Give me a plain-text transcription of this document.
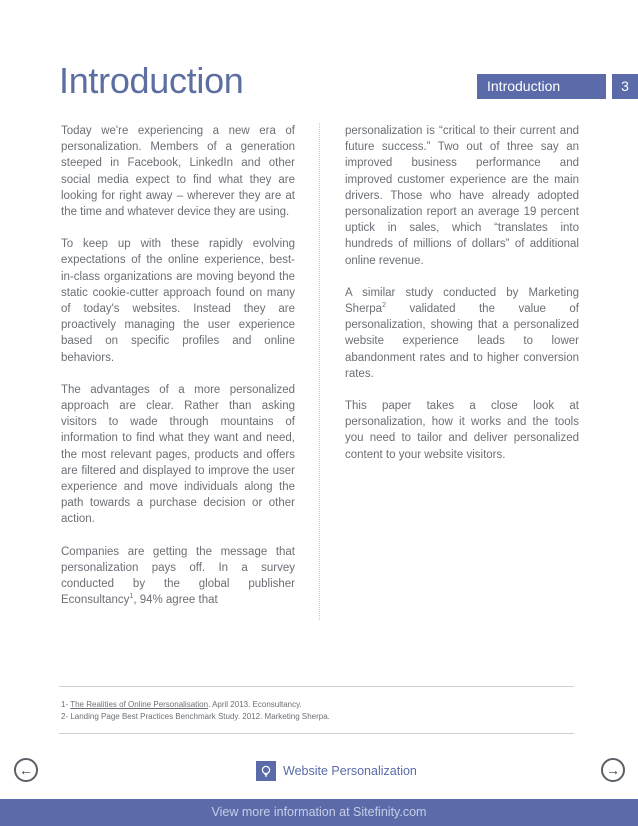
Introduction	Introduction	3

Today we're experiencing a new era of personalization. Members of a generation steeped in Facebook, LinkedIn and other social media expect to find what they are looking for right away – wherever they are at the time and whatever device they are using.

To keep up with these rapidly evolving expectations of the online experience, best-in-class organizations are moving beyond the static cookie-cutter approach found on many of today's websites. Instead they are proactively managing the user experience based on specific profiles and online behaviors.

The advantages of a more personalized approach are clear. Rather than asking visitors to wade through mountains of information to find what they want and need, the most relevant pages, products and offers are filtered and displayed to improve the user experience and move individuals along the path towards a purchase decision or other action.

Companies are getting the message that personalization pays off. In a survey conducted by the global publisher Econsultancy$^1$, 94% agree that

personalization is “critical to their current and future success.” Two out of three say an improved business performance and improved customer experience are the main drivers. Those who have already adopted personalization report an average 19 percent uptick in sales, which “translates into hundreds of millions of dollars” of additional online revenue.

A similar study conducted by Marketing Sherpa$^2$ validated the value of personalization, showing that a personalized website experience leads to lower abandonment rates and to higher conversion rates.

This paper takes a close look at personalization, how it works and the tools you need to tailor and deliver personalized content to your website visitors.

1- The Realities of Online Personalisation. April 2013. Econsultancy.
2- Landing Page Best Practices Benchmark Study. 2012. Marketing Sherpa.
←	Website Personalization	→
View more information at Sitefinity.com
